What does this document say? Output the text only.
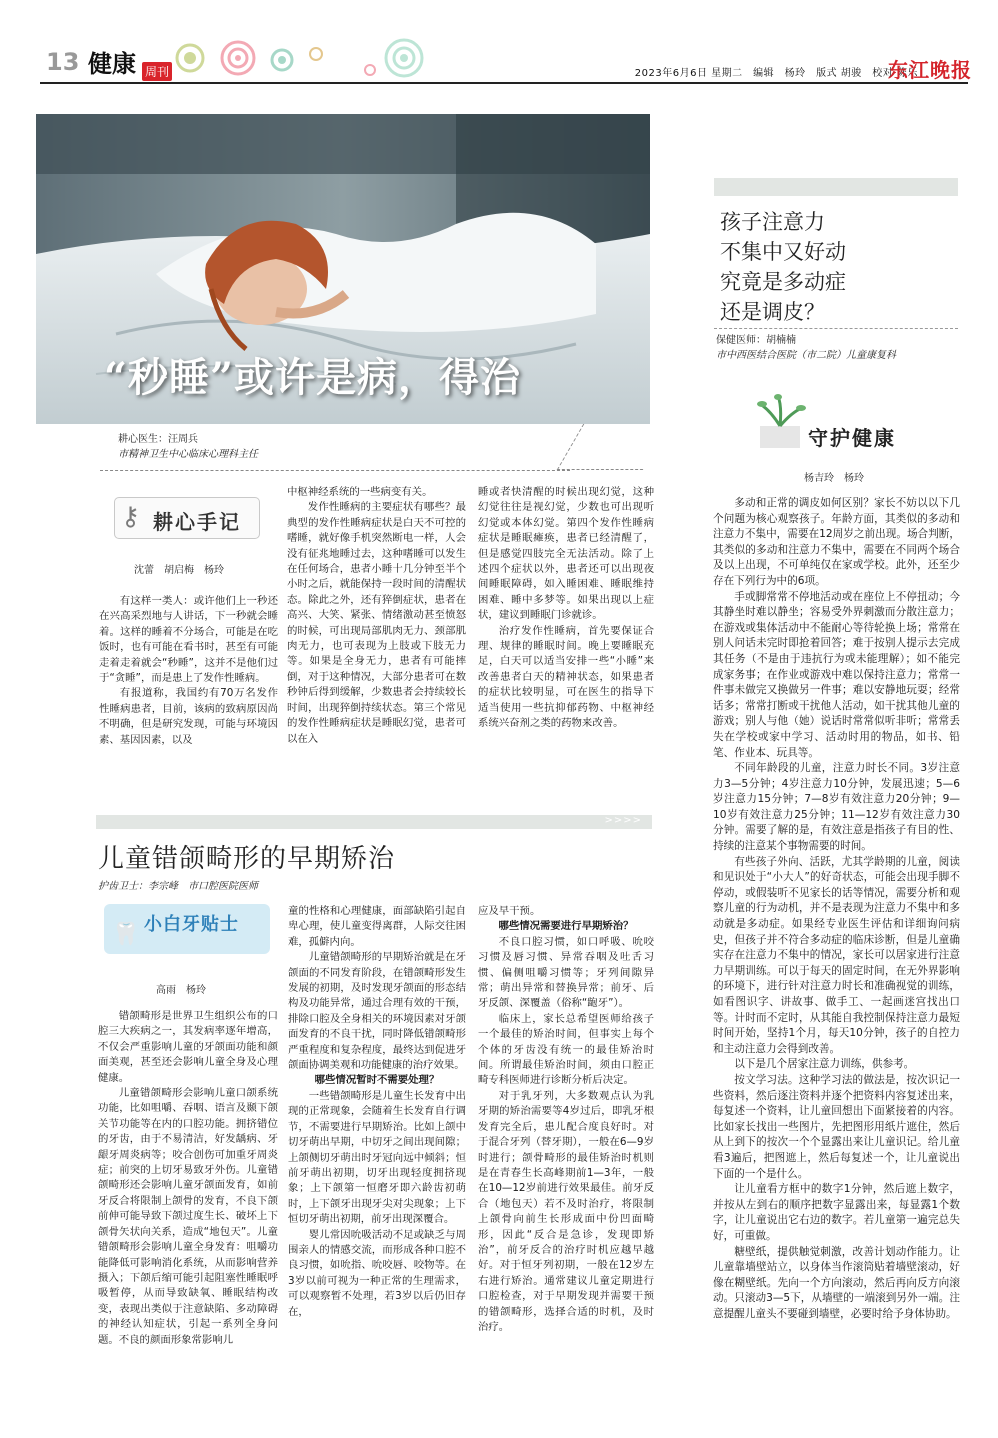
13 健康 周刊	2023年6月6日 星期二　编辑　杨玲　版式 胡骏　校对 陈乐
东江晚报
“秒睡”或许是病，得治
耕心医生：汪周兵
市精神卫生中心临床心理科主任
⚷ 耕心手记
沈蕾　胡启梅　杨玲

有这样一类人：或许他们上一秒还在兴高采烈地与人讲话，下一秒就会睡着。这样的睡着不分场合，可能是在吃饭时，也有可能在看书时，甚至有可能走着走着就会“秒睡”，这并不是他们过于“贪睡”，而是患上了发作性睡病。

有报道称，我国约有70万名发作性睡病患者，目前，该病的致病原因尚不明确，但是研究发现，可能与环境因素、基因因素，以及

中枢神经系统的一些病变有关。

发作性睡病的主要症状有哪些？最典型的发作性睡病症状是白天不可控的嗜睡，就好像手机突然断电一样，人会没有征兆地睡过去，这种嗜睡可以发生在任何场合，患者小睡十几分钟至半个小时之后，就能保持一段时间的清醒状态。除此之外，还有猝倒症状，患者在高兴、大笑、紧张、情绪激动甚至愤怒的时候，可出现局部肌肉无力、颈部肌肉无力，也可表现为上肢或下肢无力等。如果是全身无力，患者有可能摔倒，对于这种情况，大部分患者可在数秒钟后得到缓解，少数患者会持续较长时间，出现猝倒持续状态。第三个常见的发作性睡病症状是睡眠幻觉，患者可以在入

睡或者快清醒的时候出现幻觉，这种幻觉往往是视幻觉，少数也可出现听幻觉或本体幻觉。第四个发作性睡病症状是睡眠瘫痪，患者已经清醒了，但是感觉四肢完全无法活动。除了上述四个症状以外，患者还可以出现夜间睡眠障碍，如入睡困难、睡眠维持困难、睡中多梦等。如果出现以上症状，建议到睡眠门诊就诊。

治疗发作性睡病，首先要保证合理、规律的睡眠时间。晚上要睡眠充足，白天可以适当安排一些“小睡”来改善患者白天的精神状态，如果患者的症状比较明显，可在医生的指导下适当使用一些抗抑郁药物、中枢神经系统兴奋剂之类的药物来改善。

>>>>
儿童错颌畸形的早期矫治
护齿卫士：李宗峰　市口腔医院医师
🦷 小白牙贴士
高雨　杨玲

错颌畸形是世界卫生组织公布的口腔三大疾病之一，其发病率逐年增高，不仅会严重影响儿童的牙颌面功能和颜面美观，甚至还会影响儿童全身及心理健康。

儿童错颌畸形会影响儿童口颌系统功能，比如咀嚼、吞咽、语言及颞下颌关节功能等在内的口腔功能。拥挤错位的牙齿，由于不易清洁，好发龋病、牙龈牙周炎病等；咬合创伤可加重牙周炎症；前突的上切牙易致牙外伤。儿童错颌畸形还会影响儿童牙颌面发育，如前牙反合将限制上颌骨的发育，不良下颌前伸可能导致下颌过度生长、破坏上下颌骨矢状向关系，造成“地包天”。儿童错颌畸形会影响儿童全身发育：咀嚼功能降低可影响消化系统，从而影响营养摄入；下颌后缩可能引起阻塞性睡眠呼吸暂停，从而导致缺氧、睡眠结构改变，表现出类似于注意缺陷、多动障碍的神经认知症状，引起一系列全身问题。不良的颜面形象常影响儿

童的性格和心理健康，面部缺陷引起自卑心理，使儿童变得离群，人际交往困难，孤僻内向。

儿童错颌畸形的早期矫治就是在牙颌面的不同发育阶段，在错颌畸形发生发展的初期，及时发现牙颌面的形态结构及功能异常，通过合理有效的干预，排除口腔及全身相关的环境因素对牙颌面发育的不良干扰，同时降低错颌畸形严重程度和复杂程度，最终达到促进牙颌面协调美观和功能健康的治疗效果。

哪些情况暂时不需要处理？

一些错颌畸形是儿童生长发育中出现的正常现象，会随着生长发育自行调节，不需要进行早期矫治。比如上颌中切牙萌出早期，中切牙之间出现间隙；上颌侧切牙萌出时牙冠向远中倾斜；恒前牙萌出初期，切牙出现轻度拥挤现象；上下颌第一恒磨牙即六龄齿初萌时，上下颌牙出现牙尖对尖现象；上下恒切牙萌出初期，前牙出现深覆合。

婴儿常因吮吸活动不足或缺乏与周围亲人的情感交流，而形成各种口腔不良习惯，如吮指、吮咬唇、咬物等。在3岁以前可视为一种正常的生理需求，可以观察暂不处理，若3岁以后仍旧存在，

应及早干预。

哪些情况需要进行早期矫治？

不良口腔习惯，如口呼吸、吮咬习惯及唇习惯、异常吞咽及吐舌习惯、偏侧咀嚼习惯等；牙列间隙异常；萌出异常和替换异常；前牙、后牙反颌、深覆盖（俗称“龅牙”）。

临床上，家长总希望医师给孩子一个最佳的矫治时间，但事实上每个个体的牙齿没有统一的最佳矫治时间。所谓最佳矫治时间，须由口腔正畸专科医师进行诊断分析后决定。

对于乳牙列，大多数观点认为乳牙期的矫治需要等4岁过后，即乳牙根发育完全后，患儿配合度良好时。对于混合牙列（替牙期），一般在6—9岁时进行；颌骨畸形的最佳矫治时机则是在青春生长高峰期前1—3年，一般在10—12岁前进行效果最佳。前牙反合（地包天）若不及时治疗，将限制上颌骨向前生长形成面中份凹面畸形，因此“反合是急诊，发现即矫治”，前牙反合的治疗时机应越早越好。对于恒牙列初期，一般在12岁左右进行矫治。通常建议儿童定期进行口腔检查，对于早期发现并需要干预的错颌畸形，选择合适的时机，及时治疗。

孩子注意力
不集中又好动
究竟是多动症
还是调皮？
保健医师：胡楠楠
市中西医结合医院（市二院）儿童康复科
守护健康
杨吉玲　杨玲

多动和正常的调皮如何区别？家长不妨以以下几个问题为核心观察孩子。年龄方面，其类似的多动和注意力不集中，需要在12周岁之前出现。场合判断，其类似的多动和注意力不集中，需要在不同两个场合及以上出现，不可单纯仅在家或学校。此外，还至少存在下列行为中的6项。

手或脚常常不停地活动或在座位上不停扭动；今其静坐时难以静坐；容易受外界刺激而分散注意力；在游戏或集体活动中不能耐心等待轮换上场；常常在别人问话未完时即抢着回答；难于按别人提示去完成其任务（不是由于违抗行为或未能理解）；如不能完成家务事；在作业或游戏中难以保持注意力；常常一件事未做完又换做另一件事；难以安静地玩耍；经常话多；常常打断或干扰他人活动，如干扰其他儿童的游戏；别人与他（她）说话时常常似听非听；常常丢失在学校或家中学习、活动时用的物品，如书、铅笔、作业本、玩具等。

不同年龄段的儿童，注意力时长不同。3岁注意力3—5分钟；4岁注意力10分钟，发展迅速；5—6岁注意力15分钟；7—8岁有效注意力20分钟；9—10岁有效注意力25分钟；11—12岁有效注意力30分钟。需要了解的是，有效注意是指孩子有目的性、持续的注意某个事物需要的时间。

有些孩子外向、活跃，尤其学龄期的儿童，阅读和见识处于“小大人”的好奇状态，可能会出现手脚不停动，或假装听不见家长的话等情况，需要分析和观察儿童的行为动机，并不是表现为注意力不集中和多动就是多动症。如果经专业医生评估和详细询问病史，但孩子并不符合多动症的临床诊断，但是儿童确实存在注意力不集中的情况，家长可以居家进行注意力早期训练。可以于每天的固定时间，在无外界影响的环境下，进行针对注意力时长和准确视觉的训练，如看图识字、讲故事、做手工、一起画迷宫找出口等。计时而不定时，从其能自我控制保持注意力最短时间开始，坚持1个月，每天10分钟，孩子的自控力和主动注意力会得到改善。

以下是几个居家注意力训练，供参考。

按文学习法。这种学习法的做法是，按次识记一些资料，然后逐注资料并逐个把资料内容复述出来，每复述一个资料，让儿童回想出下面紧接着的内容。比如家长找出一些图片，先把图形用纸片遮住，然后从上到下的按次一个个显露出来让儿童识记。给儿童看3遍后，把图遮上，然后每复述一个，让儿童说出下面的一个是什么。

让儿童看方框中的数字1分钟，然后遮上数字，并按从左到右的顺序把数字显露出来，每显露1个数字，让儿童说出它右边的数字。若儿童第一遍完总失好，可重做。

糖壁纸，提供触觉刺激，改善计划动作能力。让儿童靠墙壁站立，以身体当作滚筒贴着墙壁滚动，好像在糊壁纸。先向一个方向滚动，然后再向反方向滚动。只滚动3—5下，从墙壁的一端滚到另外一端。注意提醒儿童头不要碰到墙壁，必要时给予身体协助。
